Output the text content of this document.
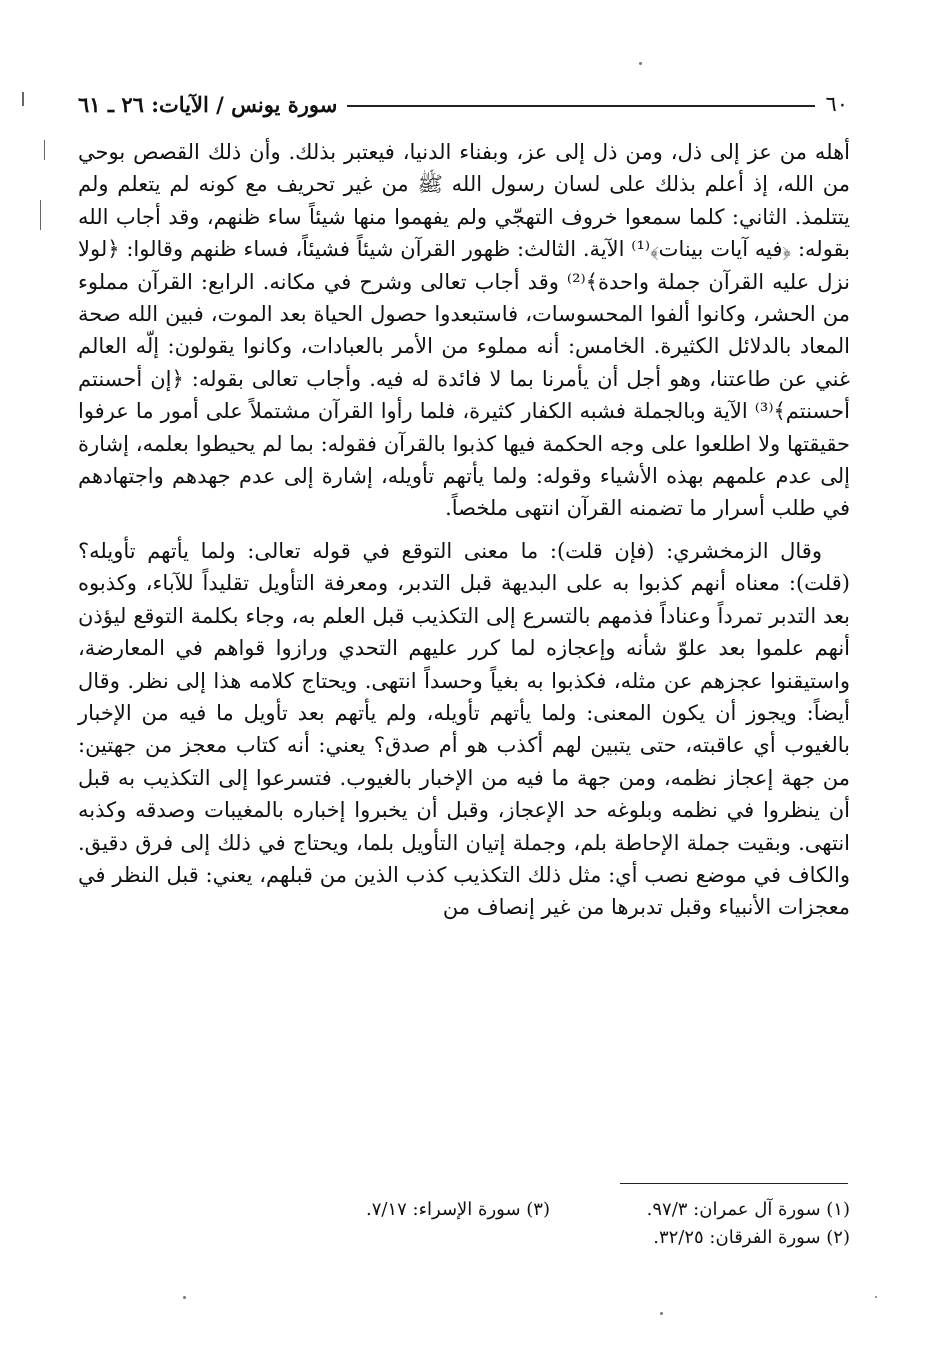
٦٠
سورة يونس / الآيات: ٢٦ ـ ٦١

أهله من عز إلى ذل، ومن ذل إلى عز، وبفناء الدنيا، فيعتبر بذلك. وأن ذلك القصص بوحي من الله، إذ أعلم بذلك على لسان رسول الله ﷺ من غير تحريف مع كونه لم يتعلم ولم يتتلمذ. الثاني: كلما سمعوا خروف التهجّي ولم يفهموا منها شيئاً ساء ظنهم، وقد أجاب الله بقوله: ﴿فيه آيات بينات﴾⁽¹⁾ الآية. الثالث: ظهور القرآن شيئاً فشيئاً، فساء ظنهم وقالوا: ﴿لولا نزل عليه القرآن جملة واحدة﴾⁽²⁾ وقد أجاب تعالى وشرح في مكانه. الرابع: القرآن مملوء من الحشر، وكانوا ألفوا المحسوسات، فاستبعدوا حصول الحياة بعد الموت، فبين الله صحة المعاد بالدلائل الكثيرة. الخامس: أنه مملوء من الأمر بالعبادات، وكانوا يقولون: إلّه العالم غني عن طاعتنا، وهو أجل أن يأمرنا بما لا فائدة له فيه. وأجاب تعالى بقوله: ﴿إن أحسنتم أحسنتم﴾⁽³⁾ الآية وبالجملة فشبه الكفار كثيرة، فلما رأوا القرآن مشتملاً على أمور ما عرفوا حقيقتها ولا اطلعوا على وجه الحكمة فيها كذبوا بالقرآن فقوله: بما لم يحيطوا بعلمه، إشارة إلى عدم علمهم بهذه الأشياء وقوله: ولما يأتهم تأويله، إشارة إلى عدم جهدهم واجتهادهم في طلب أسرار ما تضمنه القرآن انتهى ملخصاً.

وقال الزمخشري: (فإن قلت): ما معنى التوقع في قوله تعالى: ولما يأتهم تأويله؟ (قلت): معناه أنهم كذبوا به على البديهة قبل التدبر، ومعرفة التأويل تقليداً للآباء، وكذبوه بعد التدبر تمرداً وعناداً فذمهم بالتسرع إلى التكذيب قبل العلم به، وجاء بكلمة التوقع ليؤذن أنهم علموا بعد علوّ شأنه وإعجازه لما كرر عليهم التحدي ورازوا قواهم في المعارضة، واستيقنوا عجزهم عن مثله، فكذبوا به بغياً وحسداً انتهى. ويحتاج كلامه هذا إلى نظر. وقال أيضاً: ويجوز أن يكون المعنى: ولما يأتهم تأويله، ولم يأتهم بعد تأويل ما فيه من الإخبار بالغيوب أي عاقبته، حتى يتبين لهم أكذب هو أم صدق؟ يعني: أنه كتاب معجز من جهتين: من جهة إعجاز نظمه، ومن جهة ما فيه من الإخبار بالغيوب. فتسرعوا إلى التكذيب به قبل أن ينظروا في نظمه وبلوغه حد الإعجاز، وقبل أن يخبروا إخباره بالمغيبات وصدقه وكذبه انتهى. وبقيت جملة الإحاطة بلم، وجملة إتيان التأويل بلما، ويحتاج في ذلك إلى فرق دقيق. والكاف في موضع نصب أي: مثل ذلك التكذيب كذب الذين من قبلهم، يعني: قبل النظر في معجزات الأنبياء وقبل تدبرها من غير إنصاف من

(١) سورة آل عمران: ٩٧/٣.
(٣) سورة الإسراء: ٧/١٧.
(٢) سورة الفرقان: ٣٢/٢٥.
